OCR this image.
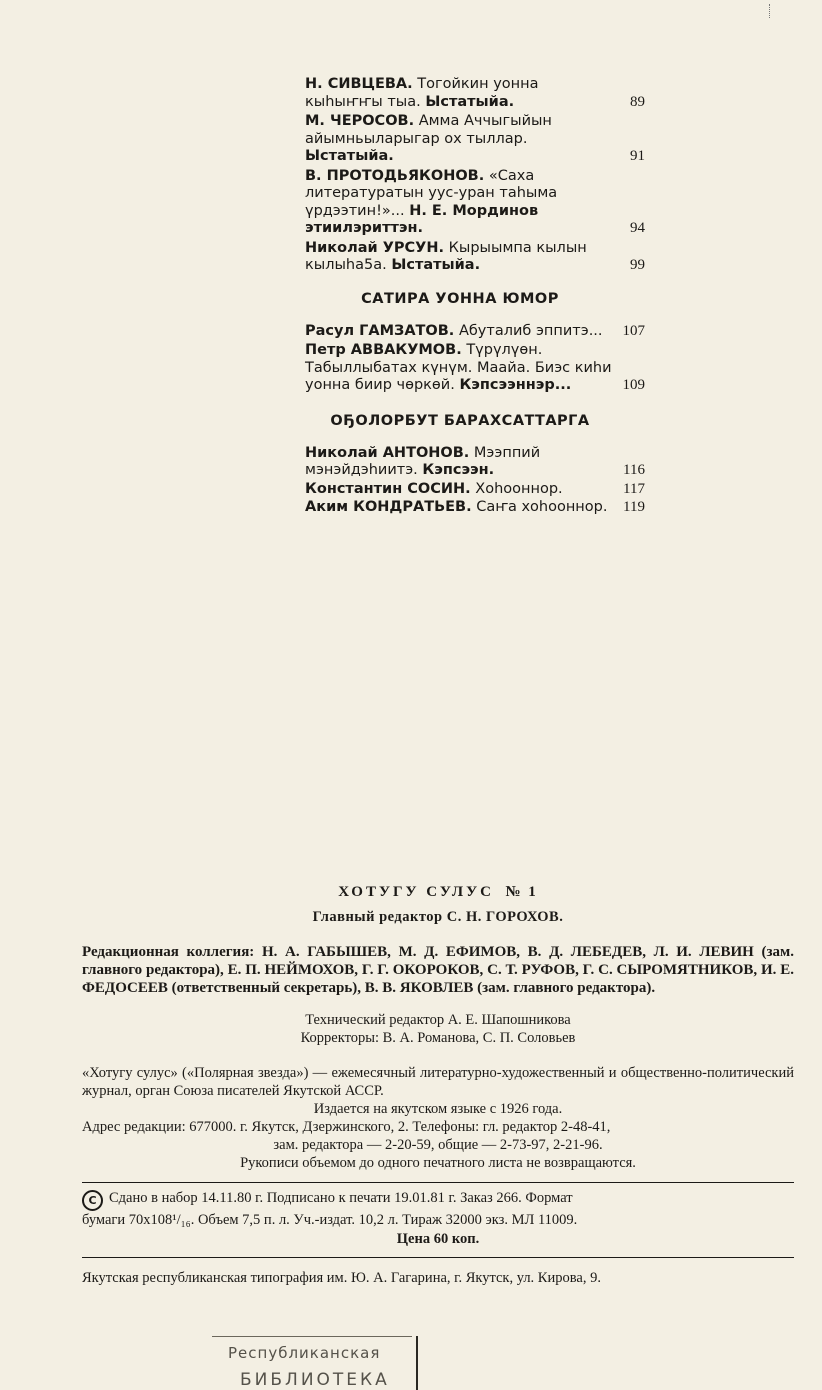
Н. СИВЦЕВА. Тогойкин уонна кыһыҥҥы тыа. Ыстатыйа.	89
М. ЧЕРОСОВ. Амма Аччыгыйын айымньыларыгар ох тыллар. Ыстатыйа.	91
В. ПРОТОДЬЯКОНОВ. «Саха литературатын уус-уран таһыма үрдээтин!»... Н. Е. Мординов этиилэриттэн.	94
Николай УРСУН. Кырыымпа кылын кылыһа5а. Ыстатыйа.	99
САТИРА УОННА ЮМОР
Расул ГАМЗАТОВ. Абуталиб эппитэ... 107
Петр АВВАКУМОВ. Түрүлүөн. Табыллыбатах күнүм. Маайа. Биэс киһи уонна биир чөркөй. Кэпсээннэр...	109
ОҔОЛОРБУТ БАРАХСАТТАРГА
Николай АНТОНОВ. Мээппий мэнэйдэһиитэ. Кэпсээн.	116
Константин СОСИН. Хоһооннор.	117
Аким КОНДРАТЬЕВ. Саҥа хоһооннор. 119
ХОТУГУ СУЛУС № 1
Главный редактор С. Н. ГОРОХОВ.
Редакционная коллегия: Н. А. ГАБЫШЕВ, М. Д. ЕФИМОВ, В. Д. ЛЕБЕДЕВ, Л. И. ЛЕВИН (зам. главного редактора), Е. П. НЕЙМОХОВ, Г. Г. ОКОРОКОВ, С. Т. РУФОВ, Г. С. СЫРОМЯТНИКОВ, И. Е. ФЕДОСЕЕВ (ответственный секретарь), В. В. ЯКОВЛЕВ (зам. главного редактора).
Технический редактор А. Е. Шапошникова
Корректоры: В. А. Романова, С. П. Соловьев
«Хотугу сулус» («Полярная звезда») — ежемесячный литературно-художественный и общественно-политический журнал, орган Союза писателей Якутской АССР.
Издается на якутском языке с 1926 года.
Адрес редакции: 677000. г. Якутск, Дзержинского, 2. Телефоны: гл. редактор 2-48-41,
зам. редактора — 2-20-59, общие — 2-73-97, 2-21-96.
Рукописи объемом до одного печатного листа не возвращаются.
C Сдано в набор 14.11.80 г. Подписано к печати 19.01.81 г. Заказ 266. Формат
бумаги 70х108¹/₁₆. Объем 7,5 п. л. Уч.-издат. 10,2 л. Тираж 32000 экз. МЛ 11009.
Цена 60 коп.
Якутская республиканская типография им. Ю. А. Гагарина, г. Якутск, ул. Кирова, 9.
Республиканская
БИБЛИОТЕКА
